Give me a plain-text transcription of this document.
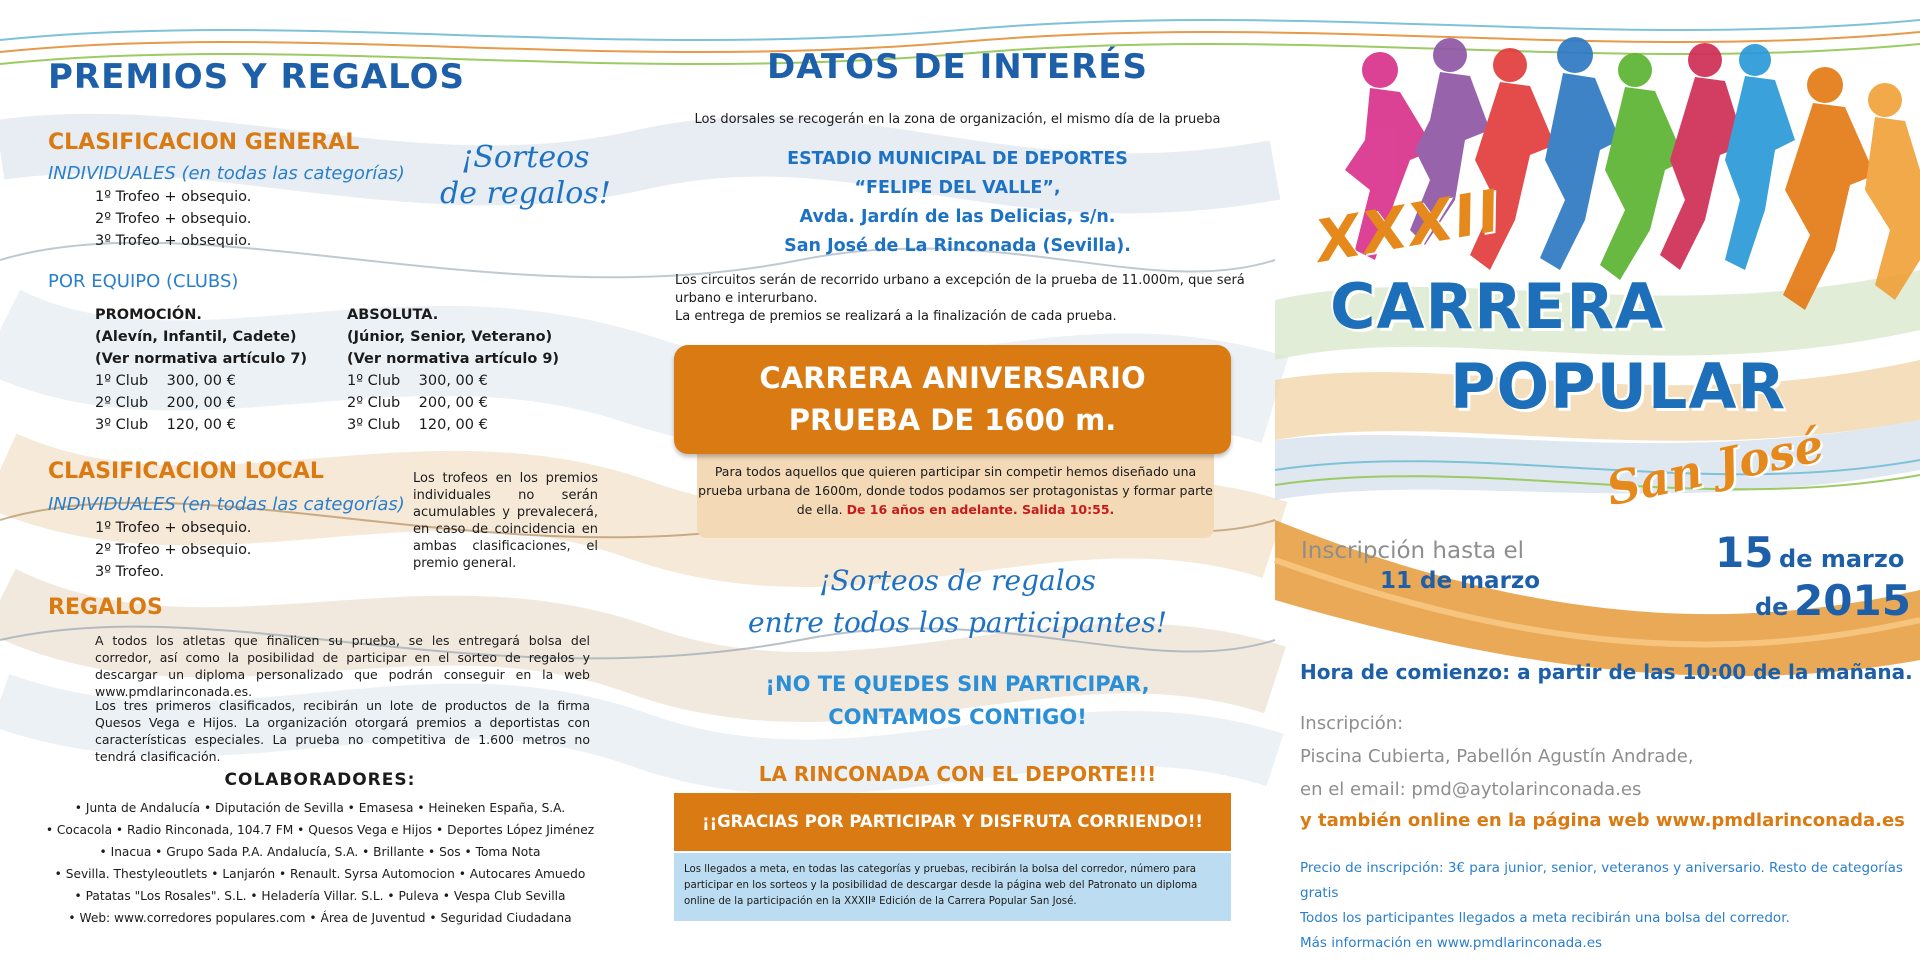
PREMIOS Y REGALOS
CLASIFICACION GENERAL
INDIVIDUALES (en todas las categorías)
1º Trofeo + obsequio.
2º Trofeo + obsequio.
3º Trofeo + obsequio.
¡Sorteos
de regalos!
POR EQUIPO (CLUBS)
PROMOCIÓN.
(Alevín, Infantil, Cadete)
(Ver normativa artículo 7)
1º Club    300, 00 €
2º Club    200, 00 €
3º Club    120, 00 €
ABSOLUTA.
(Júnior, Senior, Veterano)
(Ver normativa artículo 9)
1º Club    300, 00 €
2º Club    200, 00 €
3º Club    120, 00 €
CLASIFICACION LOCAL
INDIVIDUALES (en todas las categorías)
1º Trofeo + obsequio.
2º Trofeo + obsequio.
3º Trofeo.
Los trofeos en los premios individuales no serán acumulables y prevalecerá, en caso de coincidencia en ambas clasificaciones, el premio general.
REGALOS
A todos los atletas que finalicen su prueba, se les entregará bolsa del corredor, así como la posibilidad de participar en el sorteo de regalos y descargar un diploma personalizado que podrán conseguir en la web www.pmdlarinconada.es.
Los tres primeros clasificados, recibirán un lote de productos de la firma Quesos Vega e Hijos. La organización otorgará premios a deportistas con características especiales. La prueba no competitiva de 1.600 metros no tendrá clasificación.
COLABORADORES:
• Junta de Andalucía • Diputación de Sevilla • Emasesa • Heineken España, S.A.
• Cocacola • Radio Rinconada, 104.7 FM • Quesos Vega e Hijos • Deportes López Jiménez
• Inacua • Grupo Sada P.A. Andalucía, S.A. • Brillante • Sos • Toma Nota
• Sevilla. Thestyleoutlets • Lanjarón • Renault. Syrsa Automocion • Autocares Amuedo
• Patatas "Los Rosales". S.L. • Heladería Villar. S.L. • Puleva • Vespa Club Sevilla
• Web: www.corredores populares.com • Área de Juventud • Seguridad Ciudadana
DATOS DE INTERÉS
Los dorsales se recogerán en la zona de organización, el mismo día de la prueba
ESTADIO MUNICIPAL DE DEPORTES
“FELIPE DEL VALLE”,
Avda. Jardín de las Delicias, s/n.
San José de La Rinconada (Sevilla).
Los circuitos serán de recorrido urbano a excepción de la prueba de 11.000m, que será urbano e interurbano.
La entrega de premios se realizará a la finalización de cada prueba.
Para todos aquellos que quieren participar sin competir hemos diseñado una prueba urbana de 1600m, donde todos podamos ser protagonistas y formar parte de ella. De 16 años en adelante. Salida 10:55.
CARRERA ANIVERSARIO
PRUEBA DE 1600 m.
¡Sorteos de regalos
entre todos los participantes!
¡NO TE QUEDES SIN PARTICIPAR,
CONTAMOS CONTIGO!
LA RINCONADA CON EL DEPORTE!!!
¡¡GRACIAS POR PARTICIPAR Y DISFRUTA CORRIENDO!!
Los llegados a meta, en todas las categorías y pruebas, recibirán la bolsa del corredor, número para participar en los sorteos y la posibilidad de descargar desde la página web del Patronato un diploma online de la participación en la XXXIIª Edición de la Carrera Popular San José.
XXXII
CARRERA
POPULAR
San José
Inscripción hasta el
11 de marzo
15 de marzo
de 2015
Hora de comienzo: a partir de las 10:00 de la mañana.
Inscripción:
Piscina Cubierta, Pabellón Agustín Andrade,
en el email: pmd@aytolarinconada.es
y también online en la página web www.pmdlarinconada.es
Precio de inscripción: 3€ para junior, senior, veteranos y aniversario. Resto de categorías gratis
Todos los participantes llegados a meta recibirán una bolsa del corredor.
Más información en www.pmdlarinconada.es
